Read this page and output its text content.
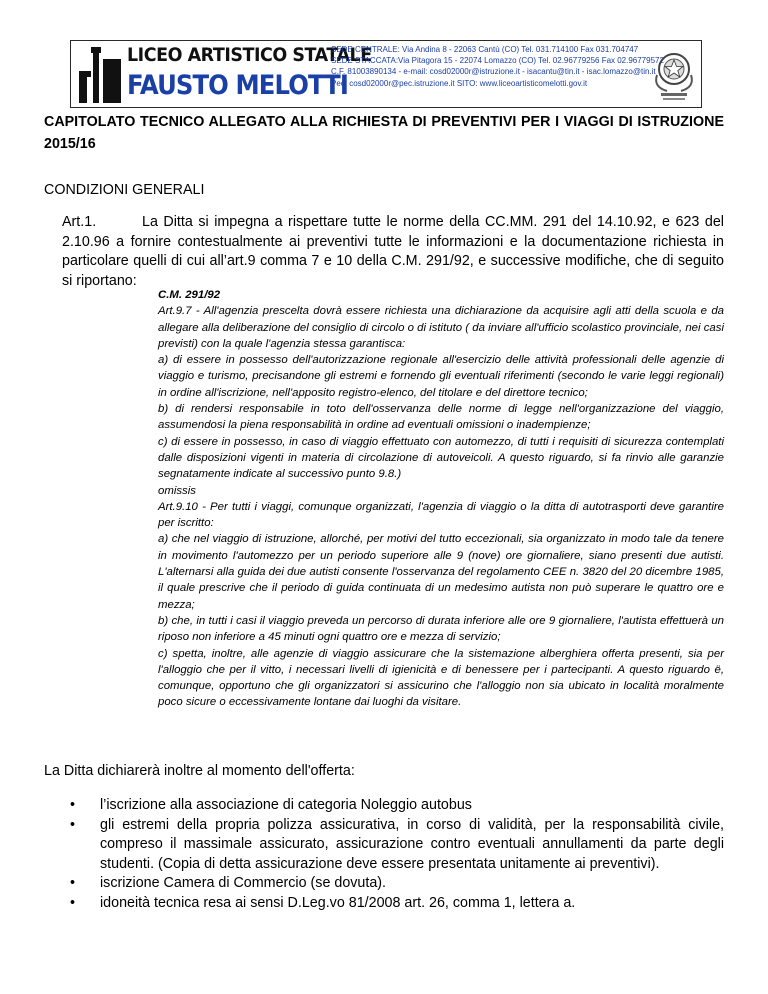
LICEO ARTISTICO STATALE
FAUSTO MELOTTI
SEDE CENTRALE: Via Andina 8 - 22063 Cantù (CO) Tel. 031.714100 Fax 031.704747
SEDE STACCATA:Via Pitagora 15 - 22074 Lomazzo (CO) Tel. 02.96779256 Fax 02.96779572
C.F. 81003890134 - e-mail: cosd02000r@istruzione.it - isacantu@tin.it - isac.lomazzo@tin.it
Pec: cosd02000r@pec.istruzione.it SITO: www.liceoartisticomelotti.gov.it
CAPITOLATO TECNICO ALLEGATO ALLA RICHIESTA DI PREVENTIVI PER I VIAGGI DI ISTRUZIONE 2015/16
CONDIZIONI GENERALI

Art.1.	La Ditta si impegna a rispettare tutte le norme della CC.MM. 291 del 14.10.92, e 623 del 2.10.96 a fornire contestualmente ai preventivi tutte le informazioni e la documentazione richiesta in particolare quelli di cui all’art.9 comma 7 e 10 della C.M. 291/92, e successive modifiche, che di seguito si riportano:

C.M. 291/92

Art.9.7 - All'agenzia prescelta dovrà essere richiesta una dichiarazione da acquisire agli atti della scuola e da allegare alla deliberazione del consiglio di circolo o di istituto ( da inviare all'ufficio scolastico provinciale, nei casi previsti) con la quale l'agenzia stessa garantisca:

a) di essere in possesso dell'autorizzazione regionale all'esercizio delle attività professionali delle agenzie di viaggio e turismo, precisandone gli estremi e fornendo gli eventuali riferimenti (secondo le varie leggi regionali) in ordine all'iscrizione, nell'apposito registro-elenco, del titolare e del direttore tecnico;

b) di rendersi responsabile in toto dell'osservanza delle norme di legge nell'organizzazione del viaggio, assumendosi la piena responsabilità in ordine ad eventuali omissioni o inadempienze;

c) di essere in possesso, in caso di viaggio effettuato con automezzo, di tutti i requisiti di sicurezza contemplati dalle disposizioni vigenti in materia di circolazione di autoveicoli. A questo riguardo, si fa rinvio alle garanzie segnatamente indicate al successivo punto 9.8.)

omissis

Art.9.10 - Per tutti i viaggi, comunque organizzati, l'agenzia di viaggio o la ditta di autotrasporti deve garantire per iscritto:

a) che nel viaggio di istruzione, allorché, per motivi del tutto eccezionali, sia organizzato in modo tale da tenere in movimento l'automezzo per un periodo superiore alle 9 (nove) ore giornaliere, siano presenti due autisti. L'alternarsi alla guida dei due autisti consente l'osservanza del regolamento CEE n. 3820 del 20 dicembre 1985, il quale prescrive che il periodo di guida continuata di un medesimo autista non può superare le quattro ore e mezza;

b) che, in tutti i casi il viaggio preveda un percorso di durata inferiore alle ore 9 giornaliere, l'autista effettuerà un riposo non inferiore a 45 minuti ogni quattro ore e mezza di servizio;

c) spetta, inoltre, alle agenzie di viaggio assicurare che la sistemazione alberghiera offerta presenti, sia per l'alloggio che per il vitto, i necessari livelli di igienicità e di benessere per i partecipanti. A questo riguardo ë, comunque, opportuno che gli organizzatori si assicurino che l'alloggio non sia ubicato in località moralmente poco sicure o eccessivamente lontane dai luoghi da visitare.

La Ditta dichiarerà inoltre al momento dell'offerta:
• l’iscrizione alla associazione di categoria Noleggio autobus
• gli estremi della propria polizza assicurativa, in corso di validità, per la responsabilità civile, compreso il massimale assicurato, assicurazione contro eventuali annullamenti da parte degli studenti. (Copia di detta assicurazione deve essere presentata unitamente ai preventivi).
• iscrizione Camera di Commercio (se dovuta).
• idoneità tecnica resa ai sensi D.Leg.vo 81/2008 art. 26, comma 1, lettera a.
